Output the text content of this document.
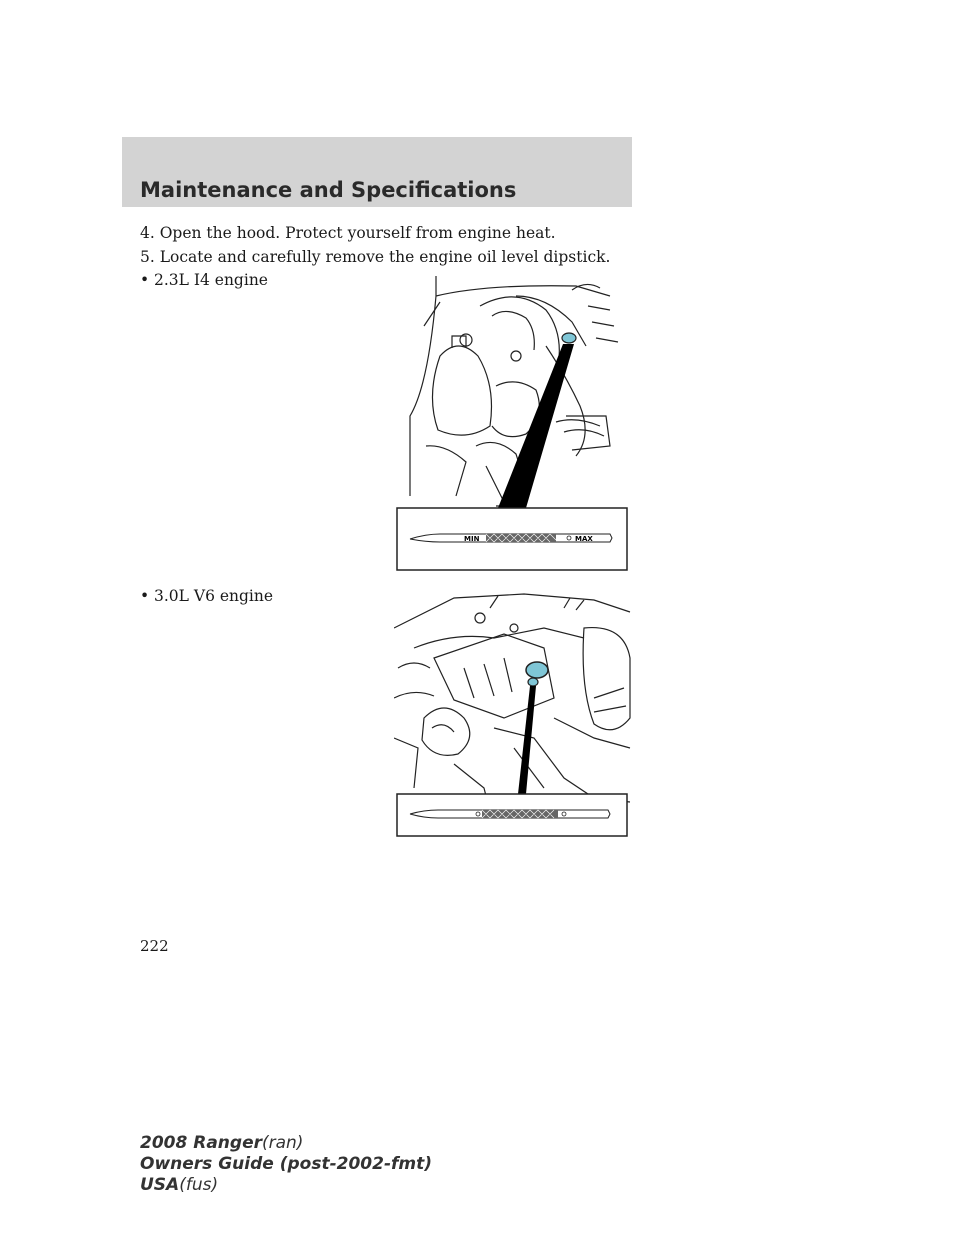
Maintenance and Specifications

4. Open the hood. Protect yourself from engine heat.

5. Locate and carefully remove the engine oil level dipstick.

• 2.3L I4 engine

MIN	MAX

• 3.0L V6 engine

222

2008 Ranger(ran)
Owners Guide (post-2002-fmt)
USA(fus)
